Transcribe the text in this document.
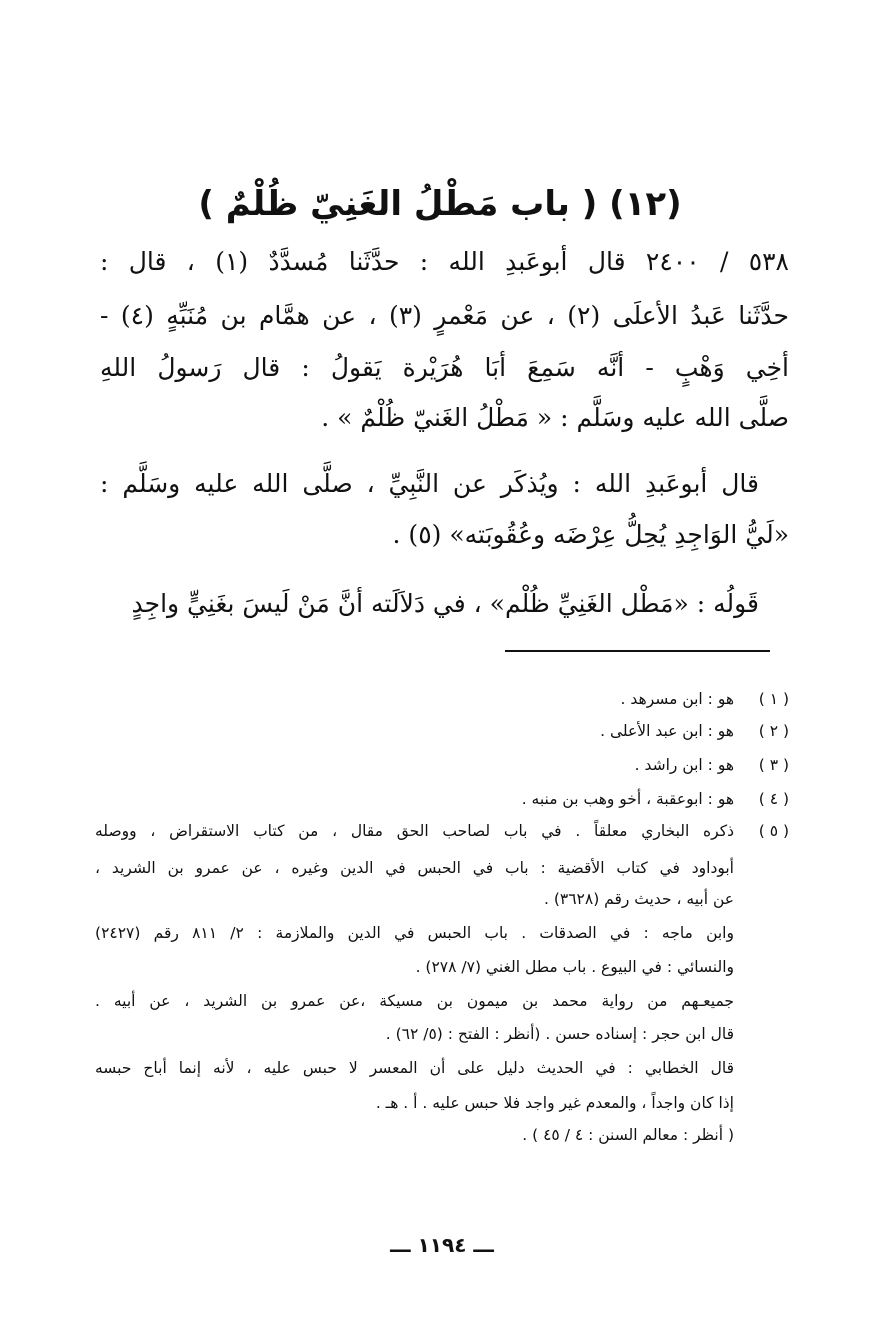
(١٢) ( باب مَطْلُ الغَنِيّ ظُلْمٌ )
٥٣٨ / ٢٤٠٠ قال أبوعَبدِ الله : حدَّثَنا مُسدَّدٌ (١) ، قال :
حدَّثَنا عَبدُ الأعلَى (٢) ، عن مَعْمرٍ (٣) ، عن همَّام بن مُنَبِّهٍ (٤) -
أخِي وَهْبٍ - أنَّه سَمِعَ أبَا هُرَيْرة يَقولُ : قال رَسولُ اللهِ
صلَّى الله عليه وسَلَّم : « مَطْلُ الغَنيّ ظُلْمٌ » .
قال أبوعَبدِ الله : ويُذكَر عن النَّبِيِّ ، صلَّى الله عليه وسَلَّم :
«لَيُّ الوَاجِدِ يُحِلُّ عِرْضَه وعُقُوبَته» (٥) .
قَولُه : «مَطْل الغَنِيِّ ظُلْم» ، في دَلاَلَته أنَّ مَنْ لَيسَ بغَنِيٍّ واجِدٍ
( ١ )
هو : ابن مسرهد .
( ٢ )
هو : ابن عبد الأعلى .
( ٣ )
هو : ابن راشد .
( ٤ )
هو : ابوعقبة ، أخو وهب بن منبه .
( ٥ )
ذكره البخاري معلقاً . في باب لصاحب الحق مقال ، من كتاب الاستقراض ، ووصله
أبوداود في كتاب الأقضية : باب في الحبس في الدين وغيره ، عن عمرو بن الشريد ،
عن أبيه ، حديث رقم (٣٦٢٨) .
وابن ماجه : في الصدقات . باب الحبس في الدين والملازمة : ٢/ ٨١١ رقم (٢٤٢٧)
والنسائي : في البيوع . باب مطل الغني (٧/ ٢٧٨) .
جميعـهم من رواية محمد بن ميمون بن مسيكة ،عن عمرو بن الشريد ، عن أبيه .
قال ابن حجر : إسناده حسن . (أنظر : الفتح : (٥/ ٦٢) .
قال الخطابي : في الحديث دليل على أن المعسر لا حبس عليه ، لأنه إنما أباح حبسه
إذا كان واجداً ، والمعدم غير واجد فلا حبس عليه . أ . هـ .
( أنظر : معالم السنن : ٤ / ٤٥ ) .
ـــ ١١٩٤ ـــ
